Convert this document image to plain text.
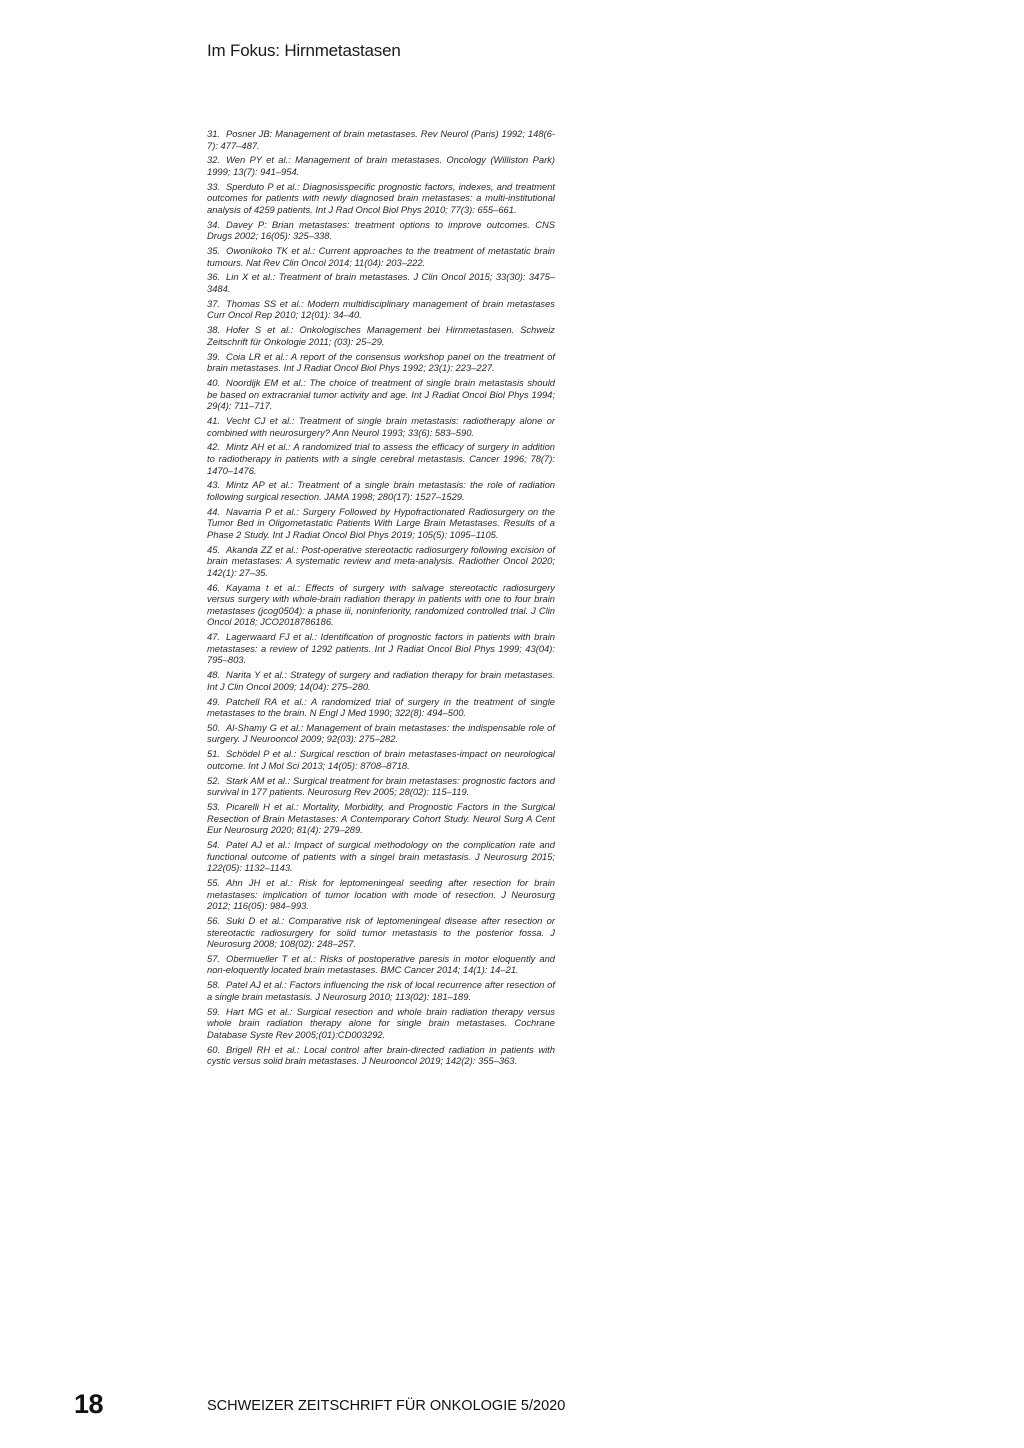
Im Fokus: Hirnmetastasen
31. Posner JB: Management of brain metastases. Rev Neurol (Paris) 1992; 148(6-7): 477–487.
32. Wen PY et al.: Management of brain metastases. Oncology (Williston Park) 1999; 13(7): 941–954.
33. Sperduto P et al.: Diagnosisspecific prognostic factors, indexes, and treatment outcomes for patients with newly diagnosed brain metastases: a multi-institutional analysis of 4259 patients. Int J Rad Oncol Biol Phys 2010; 77(3): 655–661.
34. Davey P: Brian metastases: treatment options to improve outcomes. CNS Drugs 2002; 16(05): 325–338.
35. Owonikoko TK et al.: Current approaches to the treatment of metastatic brain tumours. Nat Rev Clin Oncol 2014; 11(04): 203–222.
36. Lin X et al.: Treatment of brain metastases. J Clin Oncol 2015; 33(30): 3475–3484.
37. Thomas SS et al.: Modern multidisciplinary management of brain metastases Curr Oncol Rep 2010; 12(01): 34–40.
38. Hofer S et al.: Onkologisches Management bei Hirnmetastasen. Schweiz Zeitschrift für Onkologie 2011; (03): 25–29.
39. Coia LR et al.: A report of the consensus workshop panel on the treatment of brain metastases. Int J Radiat Oncol Biol Phys 1992; 23(1): 223–227.
40. Noordijk EM et al.: The choice of treatment of single brain metastasis should be based on extracranial tumor activity and age. Int J Radiat Oncol Biol Phys 1994; 29(4): 711–717.
41. Vecht CJ et al.: Treatment of single brain metastasis: radiotherapy alone or combined with neurosurgery? Ann Neurol 1993; 33(6): 583–590.
42. Mintz AH et al.: A randomized trial to assess the efficacy of surgery in addition to radiotherapy in patients with a single cerebral metastasis. Cancer 1996; 78(7): 1470–1476.
43. Mintz AP et al.: Treatment of a single brain metastasis: the role of radiation following surgical resection. JAMA 1998; 280(17): 1527–1529.
44. Navarria P et al.: Surgery Followed by Hypofractionated Radiosurgery on the Tumor Bed in Oligometastatic Patients With Large Brain Metastases. Results of a Phase 2 Study. Int J Radiat Oncol Biol Phys 2019; 105(5): 1095–1105.
45. Akanda ZZ et al.: Post-operative stereotactic radiosurgery following excision of brain metastases: A systematic review and meta-analysis. Radiother Oncol 2020; 142(1): 27–35.
46. Kayama t et al.: Effects of surgery with salvage stereotactic radiosurgery versus surgery with whole-brain radiation therapy in patients with one to four brain metastases (jcog0504): a phase iii, noninferiority, randomized controlled trial. J Clin Oncol 2018; JCO2018786186.
47. Lagerwaard FJ et al.: Identification of prognostic factors in patients with brain metastases: a review of 1292 patients. Int J Radiat Oncol Biol Phys 1999; 43(04): 795–803.
48. Narita Y et al.: Strategy of surgery and radiation therapy for brain metastases. Int J Clin Oncol 2009; 14(04): 275–280.
49. Patchell RA et al.: A randomized trial of surgery in the treatment of single metastases to the brain. N Engl J Med 1990; 322(8): 494–500.
50. Al-Shamy G et al.: Management of brain metastases: the indispensable role of surgery. J Neurooncol 2009; 92(03): 275–282.
51. Schödel P et al.: Surgical resction of brain metastases-impact on neurological outcome. Int J Mol Sci 2013; 14(05): 8708–8718.
52. Stark AM et al.: Surgical treatment for brain metastases: prognostic factors and survival in 177 patients. Neurosurg Rev 2005; 28(02): 115–119.
53. Picarelli H et al.: Mortality, Morbidity, and Prognostic Factors in the Surgical Resection of Brain Metastases: A Contemporary Cohort Study. Neurol Surg A Cent Eur Neurosurg 2020; 81(4): 279–289.
54. Patel AJ et al.: Impact of surgical methodology on the complication rate and functional outcome of patients with a singel brain metastasis. J Neurosurg 2015; 122(05): 1132–1143.
55. Ahn JH et al.: Risk for leptomeningeal seeding after resection for brain metastases: implication of tumor location with mode of resection. J Neurosurg 2012; 116(05): 984–993.
56. Suki D et al.: Comparative risk of leptomeningeal disease after resection or stereotactic radiosurgery for solid tumor metastasis to the posterior fossa. J Neurosurg 2008; 108(02): 248–257.
57. Obermueller T et al.: Risks of postoperative paresis in motor eloquently and non-eloquently located brain metastases. BMC Cancer 2014; 14(1): 14–21.
58. Patel AJ et al.: Factors influencing the risk of local recurrence after resection of a single brain metastasis. J Neurosurg 2010; 113(02): 181–189.
59. Hart MG et al.: Surgical resection and whole brain radiation therapy versus whole brain radiation therapy alone for single brain metastases. Cochrane Database Syste Rev 2005;(01):CD003292.
60. Brigell RH et al.: Local control after brain-directed radiation in patients with cystic versus solid brain metastases. J Neurooncol 2019; 142(2): 355–363.
18	SCHWEIZER ZEITSCHRIFT FÜR ONKOLOGIE 5/2020
